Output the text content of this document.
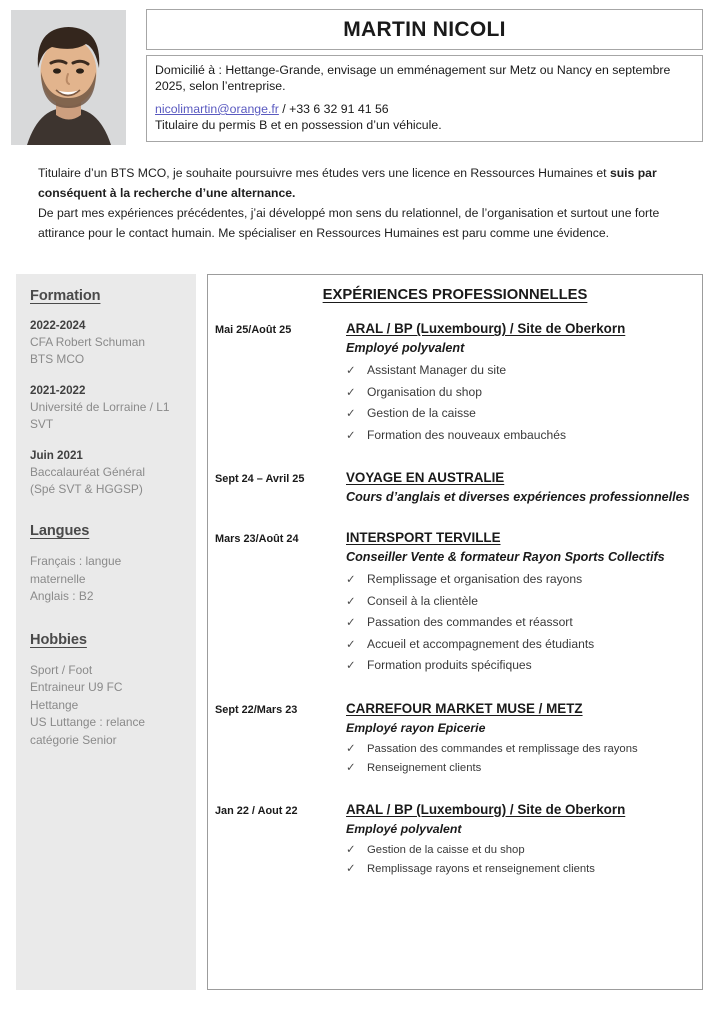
MARTIN NICOLI

Domicilié à : Hettange-Grande, envisage un emménagement sur Metz ou Nancy en septembre 2025, selon l’entreprise.

nicolimartin@orange.fr / +33 6 32 91 41 56

Titulaire du permis B et en possession d’un véhicule.

Titulaire d’un BTS MCO, je souhaite poursuivre mes études vers une licence en Ressources Humaines et suis par conséquent à la recherche d’une alternance.

De part mes expériences précédentes, j’ai développé mon sens du relationnel, de l’organisation et surtout une forte attirance pour le contact humain. Me spécialiser en Ressources Humaines est paru comme une évidence.

Formation
2022-2024
CFA Robert Schuman
BTS MCO
2021-2022
Université de Lorraine / L1
SVT
Juin 2021
Baccalauréat Général
(Spé SVT & HGGSP)
Langues
Français : langue
maternelle
Anglais : B2
Hobbies
Sport / Foot
Entraineur U9 FC
Hettange
US Luttange : relance
catégorie Senior
EXPÉRIENCES PROFESSIONNELLES
Mai 25/Août 25	ARAL / BP (Luxembourg) / Site de Oberkorn
Employé polyvalent
✓ Assistant Manager du site
✓ Organisation du shop
✓ Gestion de la caisse
✓ Formation des nouveaux embauchés
Sept 24 – Avril 25	VOYAGE EN AUSTRALIE
Cours d’anglais et diverses expériences professionnelles
Mars 23/Août 24	INTERSPORT TERVILLE
Conseiller Vente & formateur Rayon Sports Collectifs
✓ Remplissage et organisation des rayons
✓ Conseil à la clientèle
✓ Passation des commandes et réassort
✓ Accueil et accompagnement des étudiants
✓ Formation produits spécifiques
Sept 22/Mars 23	CARREFOUR MARKET MUSE / METZ
Employé rayon Epicerie
✓	Passation des commandes et remplissage des rayons
✓	Renseignement clients
Jan 22 / Aout 22	ARAL / BP (Luxembourg) / Site de Oberkorn
Employé polyvalent
✓	Gestion de la caisse et du shop
✓	Remplissage rayons et renseignement clients
